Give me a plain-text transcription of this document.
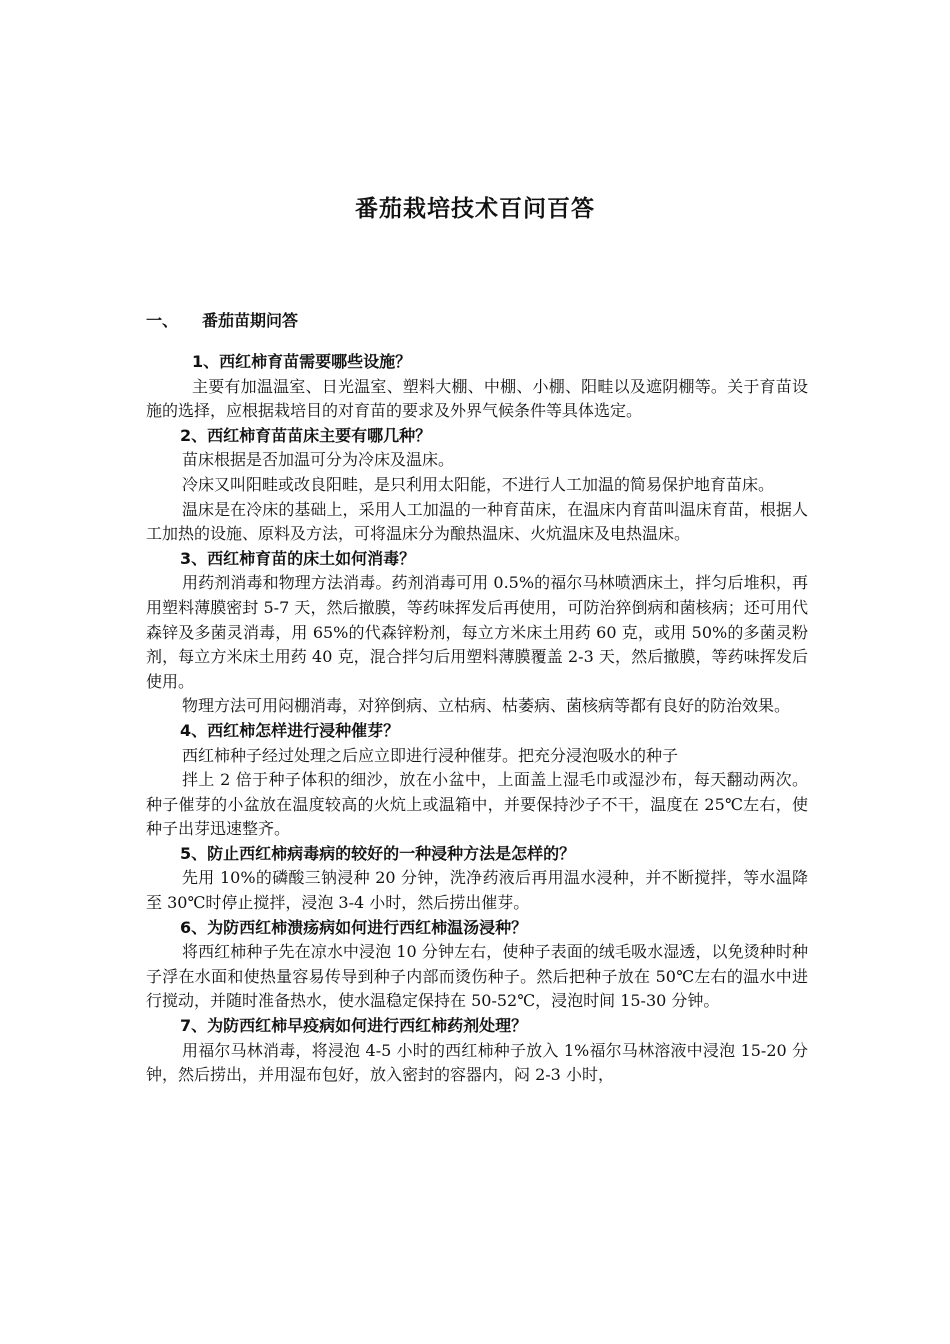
番茄栽培技术百问百答
一、 番茄苗期问答

1、西红柿育苗需要哪些设施？

主要有加温温室、日光温室、塑料大棚、中棚、小棚、阳畦以及遮阴棚等。关于育苗设施的选择，应根据栽培目的对育苗的要求及外界气候条件等具体选定。

2、西红柿育苗苗床主要有哪几种？

苗床根据是否加温可分为冷床及温床。

冷床又叫阳畦或改良阳畦，是只利用太阳能，不进行人工加温的简易保护地育苗床。

温床是在冷床的基础上，采用人工加温的一种育苗床，在温床内育苗叫温床育苗，根据人工加热的设施、原料及方法，可将温床分为酿热温床、火炕温床及电热温床。

3、西红柿育苗的床土如何消毒？

用药剂消毒和物理方法消毒。药剂消毒可用 0.5%的福尔马林喷洒床土，拌匀后堆积，再用塑料薄膜密封 5-7 天，然后撤膜，等药味挥发后再使用，可防治猝倒病和菌核病；还可用代森锌及多菌灵消毒，用 65%的代森锌粉剂，每立方米床土用药 60 克，或用 50%的多菌灵粉剂，每立方米床土用药 40 克，混合拌匀后用塑料薄膜覆盖 2-3 天，然后撤膜，等药味挥发后使用。

物理方法可用闷棚消毒，对猝倒病、立枯病、枯萎病、菌核病等都有良好的防治效果。

4、西红柿怎样进行浸种催芽？

西红柿种子经过处理之后应立即进行浸种催芽。把充分浸泡吸水的种子

拌上 2 倍于种子体积的细沙，放在小盆中，上面盖上湿毛巾或湿沙布，每天翻动两次。种子催芽的小盆放在温度较高的火炕上或温箱中，并要保持沙子不干，温度在 25℃左右，使种子出芽迅速整齐。

5、防止西红柿病毒病的较好的一种浸种方法是怎样的？

先用 10%的磷酸三钠浸种 20 分钟，洗净药液后再用温水浸种，并不断搅拌，等水温降至 30℃时停止搅拌，浸泡 3-4 小时，然后捞出催芽。

6、为防西红柿溃疡病如何进行西红柿温汤浸种？

将西红柿种子先在凉水中浸泡 10 分钟左右，使种子表面的绒毛吸水湿透，以免烫种时种子浮在水面和使热量容易传导到种子内部而烫伤种子。然后把种子放在 50℃左右的温水中进行搅动，并随时准备热水，使水温稳定保持在 50-52℃，浸泡时间 15-30 分钟。

7、为防西红柿早疫病如何进行西红柿药剂处理？

用福尔马林消毒，将浸泡 4-5 小时的西红柿种子放入 1%福尔马林溶液中浸泡 15-20 分钟，然后捞出，并用湿布包好，放入密封的容器内，闷 2-3 小时，
